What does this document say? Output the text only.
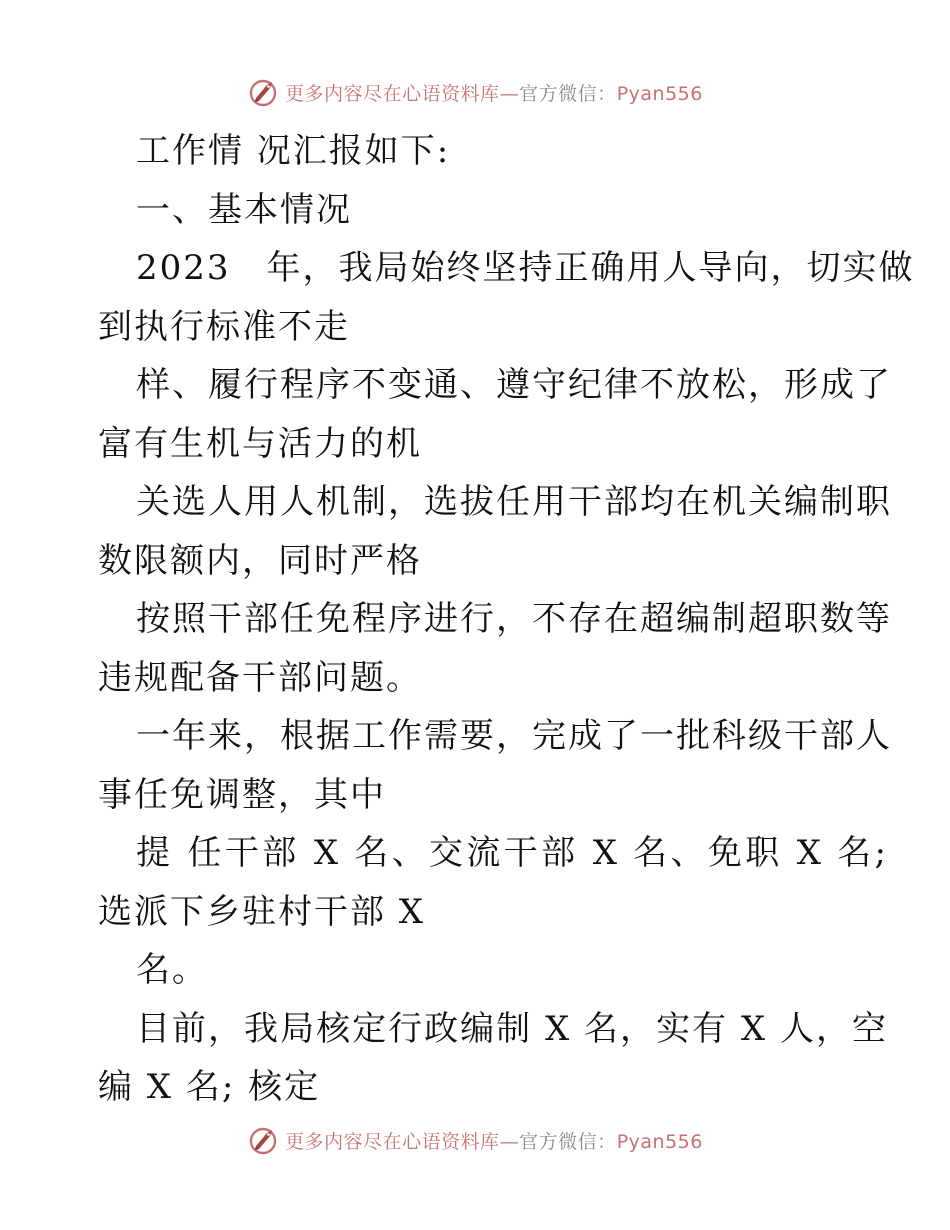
更多内容尽在心语资料库—官方微信：Pyan556
工作情 况汇报如下:
一、基本情况
2023　年，我局始终坚持正确用人导向，切实做
到执行标准不走
样、履行程序不变通、遵守纪律不放松，形成了
富有生机与活力的机
关选人用人机制，选拔任用干部均在机关编制职
数限额内，同时严格
按照干部任免程序进行，不存在超编制超职数等
违规配备干部问题。
一年来，根据工作需要，完成了一批科级干部人
事任免调整，其中
提 任干部 X 名、交流干部 X 名、免职 X 名;
选派下乡驻村干部 X
名。
目前，我局核定行政编制 X 名，实有 X 人，空
编 X 名; 核定
更多内容尽在心语资料库—官方微信：Pyan556
